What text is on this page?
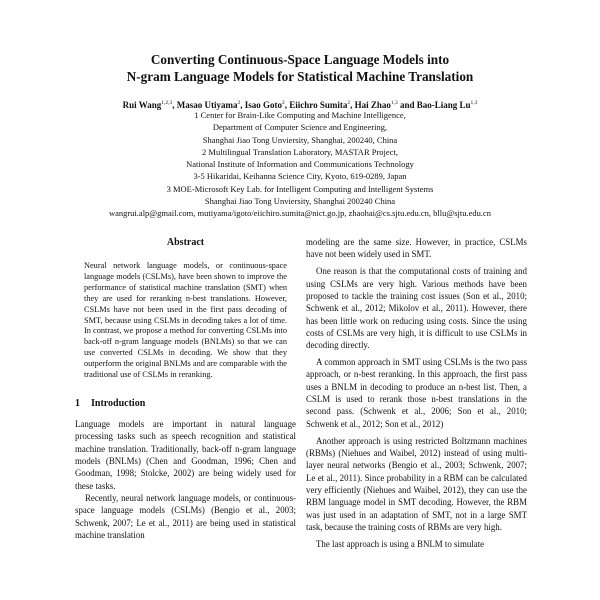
Converting Continuous-Space Language Models into
N-gram Language Models for Statistical Machine Translation
Rui Wang$^{1,2,3}$, Masao Utiyama$^2$, Isao Goto$^2$, Eiichro Sumita$^2$, Hai Zhao$^{1,3}$ and Bao-Liang Lu$^{1,3}$
1 Center for Brain-Like Computing and Machine Intelligence,
Department of Computer Science and Engineering,
Shanghai Jiao Tong Unviersity, Shanghai, 200240, China
2 Multilingual Translation Laboratory, MASTAR Project,
National Institute of Information and Communications Technology
3-5 Hikaridai, Keihanna Science City, Kyoto, 619-0289, Japan
3 MOE-Microsoft Key Lab. for Intelligent Computing and Intelligent Systems
Shanghai Jiao Tong Unviersity, Shanghai 200240 China
wangrui.alp@gmail.com, mutiyama/igoto/eiichiro.sumita@nict.go.jp, zhaohai@cs.sjtu.edu.cn, bllu@sjtu.edu.cn
Abstract

Neural network language models, or continuous-space language models (CSLMs), have been shown to improve the performance of statistical machine translation (SMT) when they are used for reranking n-best translations. However, CSLMs have not been used in the first pass decoding of SMT, because using CSLMs in decoding takes a lot of time. In contrast, we propose a method for converting CSLMs into back-off n-gram language models (BNLMs) so that we can use converted CSLMs in decoding. We show that they outperform the original BNLMs and are comparable with the traditional use of CSLMs in reranking.

1 Introduction

Language models are important in natural language processing tasks such as speech recognition and statistical machine translation. Traditionally, back-off n-gram language models (BNLMs) (Chen and Goodman, 1996; Chen and Goodman, 1998; Stolcke, 2002) are being widely used for these tasks.

Recently, neural network language models, or continuous-space language models (CSLMs) (Bengio et al., 2003; Schwenk, 2007; Le et al., 2011) are being used in statistical machine translation

modeling are the same size. However, in practice, CSLMs have not been widely used in SMT.

One reason is that the computational costs of training and using CSLMs are very high. Various methods have been proposed to tackle the training cost issues (Son et al., 2010; Schwenk et al., 2012; Mikolov et al., 2011). However, there has been little work on reducing using costs. Since the using costs of CSLMs are very high, it is difficult to use CSLMs in decoding directly.

A common approach in SMT using CSLMs is the two pass approach, or n-best reranking. In this approach, the first pass uses a BNLM in decoding to produce an n-best list. Then, a CSLM is used to rerank those n-best translations in the second pass. (Schwenk et al., 2006; Son et al., 2010; Schwenk et al., 2012; Son et al., 2012)

Another approach is using restricted Boltzmann machines (RBMs) (Niehues and Waibel, 2012) instead of using multi-layer neural networks (Bengio et al., 2003; Schwenk, 2007; Le et al., 2011). Since probability in a RBM can be calculated very efficiently (Niehues and Waibel, 2012), they can use the RBM language model in SMT decoding. However, the RBM was just used in an adaptation of SMT, not in a large SMT task, because the training costs of RBMs are very high.

The last approach is using a BNLM to simulate
